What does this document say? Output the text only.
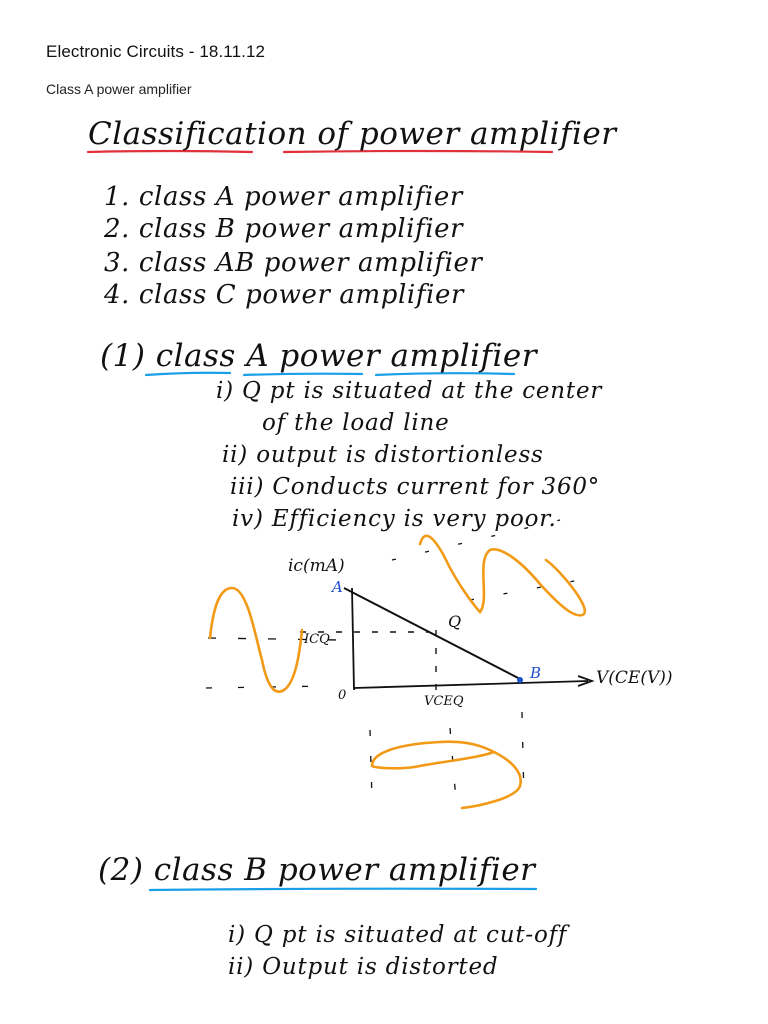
Electronic Circuits - 18.11.12
Class A power amplifier
Classification of power amplifier
1. class A power amplifier
2. class B power amplifier
3. class AB power amplifier
4. class C power amplifier
(1) class A power amplifier
i) Q pt is situated at the center
of the load line
ii) output is distortionless
iii) Conducts current for 360°
iv) Efficiency is very poor.
ic(mA)
A
Q
ICQ
B	V(CE(V))
0	VCEQ
(2) class B power amplifier
i) Q pt is situated at cut-off
ii) Output is distorted
